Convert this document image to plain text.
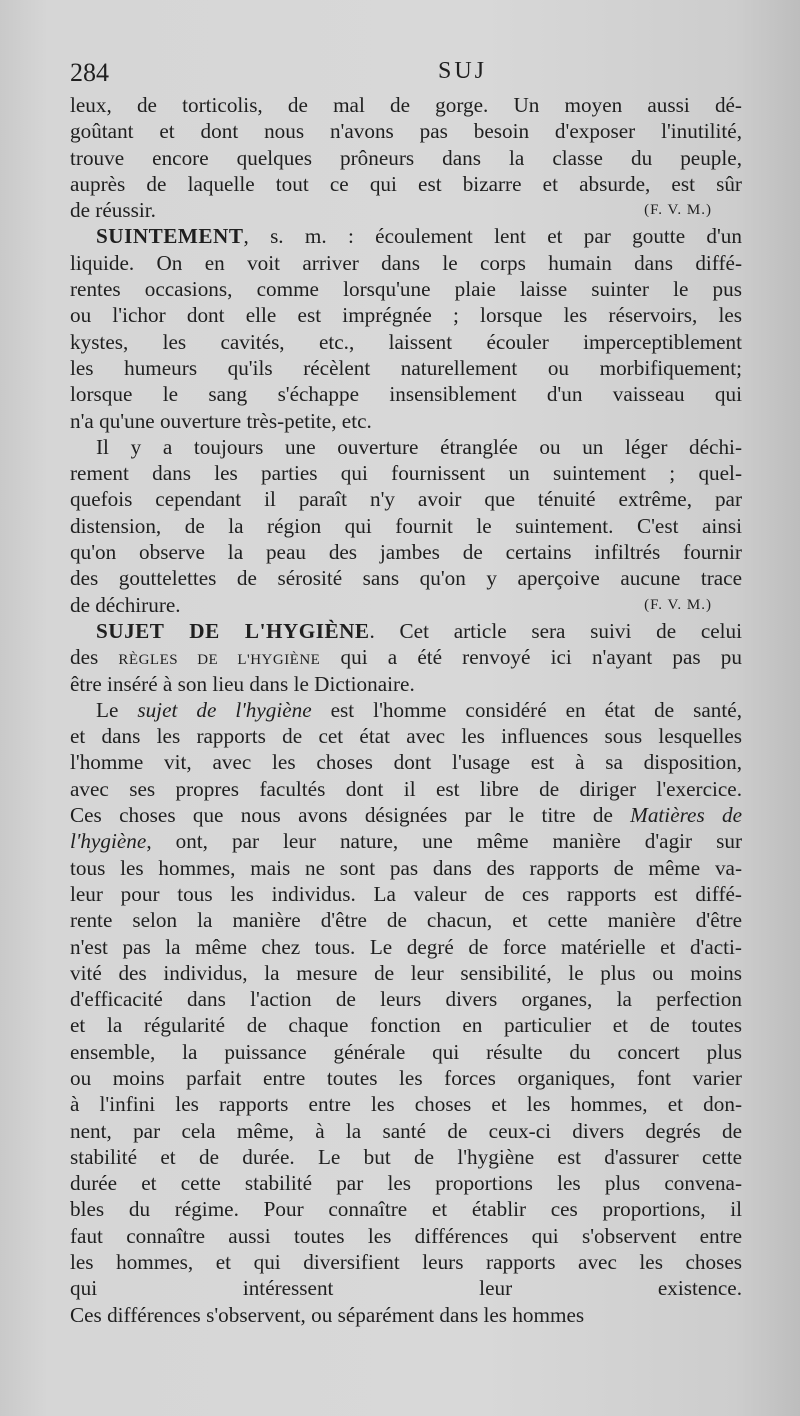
284	SUJ
leux, de torticolis, de mal de gorge. Un moyen aussi dé-
goûtant et dont nous n'avons pas besoin d'exposer l'inutilité,
trouve encore quelques prôneurs dans la classe du peuple,
auprès de laquelle tout ce qui est bizarre et absurde, est sûr
de réussir.	(F. V. M.)
SUINTEMENT, s. m. : écoulement lent et par goutte d'un
liquide. On en voit arriver dans le corps humain dans diffé-
rentes occasions, comme lorsqu'une plaie laisse suinter le pus
ou l'ichor dont elle est imprégnée ; lorsque les réservoirs, les
kystes, les cavités, etc., laissent écouler imperceptiblement
les humeurs qu'ils récèlent naturellement ou morbifiquement;
lorsque le sang s'échappe insensiblement d'un vaisseau qui
n'a qu'une ouverture très-petite, etc.
Il y a toujours une ouverture étranglée ou un léger déchi-
rement dans les parties qui fournissent un suintement ; quel-
quefois cependant il paraît n'y avoir que ténuité extrême, par
distension, de la région qui fournit le suintement. C'est ainsi
qu'on observe la peau des jambes de certains infiltrés fournir
des gouttelettes de sérosité sans qu'on y aperçoive aucune trace
de déchirure.	(F. V. M.)
SUJET DE L'HYGIÈNE. Cet article sera suivi de celui
des RÈGLES DE L'HYGIÈNE qui a été renvoyé ici n'ayant pas pu
être inséré à son lieu dans le Dictionaire.
Le sujet de l'hygiène est l'homme considéré en état de santé,
et dans les rapports de cet état avec les influences sous lesquelles
l'homme vit, avec les choses dont l'usage est à sa disposition,
avec ses propres facultés dont il est libre de diriger l'exercice.
Ces choses que nous avons désignées par le titre de Matières de
l'hygiène, ont, par leur nature, une même manière d'agir sur
tous les hommes, mais ne sont pas dans des rapports de même va-
leur pour tous les individus. La valeur de ces rapports est diffé-
rente selon la manière d'être de chacun, et cette manière d'être
n'est pas la même chez tous. Le degré de force matérielle et d'acti-
vité des individus, la mesure de leur sensibilité, le plus ou moins
d'efficacité dans l'action de leurs divers organes, la perfection
et la régularité de chaque fonction en particulier et de toutes
ensemble, la puissance générale qui résulte du concert plus
ou moins parfait entre toutes les forces organiques, font varier
à l'infini les rapports entre les choses et les hommes, et don-
nent, par cela même, à la santé de ceux-ci divers degrés de
stabilité et de durée. Le but de l'hygiène est d'assurer cette
durée et cette stabilité par les proportions les plus convena-
bles du régime. Pour connaître et établir ces proportions, il
faut connaître aussi toutes les différences qui s'observent entre
les hommes, et qui diversifient leurs rapports avec les choses
qui intéressent leur existence.
Ces différences s'observent, ou séparément dans les hommes
